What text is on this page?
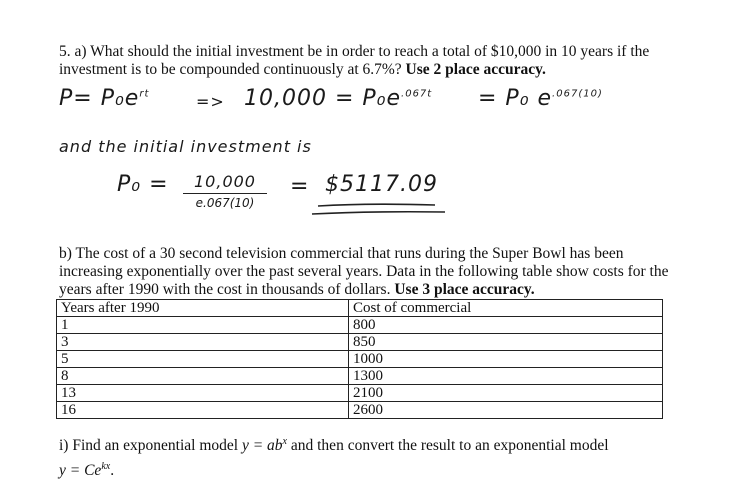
5. a) What should the initial investment be in order to reach a total of $10,000 in 10 years if the investment is to be compounded continuously at 6.7%? Use 2 place accuracy.
$P= P_0e^{rt}$	=> $10,000 = P_0e^{.067t} = P_0$ $e^{.067(10)}$
and the initial investment is
P₀ =	10,000
e.067(10)
= $5117.09
b) The cost of a 30 second television commercial that runs during the Super Bowl has been increasing exponentially over the past several years. Data in the following table show costs for the years after 1990 with the cost in thousands of dollars. Use 3 place accuracy.
Years after 1990	Cost of commercial
1	800
3	850
5	1000
8	1300
13	2100
16	2600
i) Find an exponential model $y = ab^x$ and then convert the result to an exponential model
$y = Ce^{kx}$.
